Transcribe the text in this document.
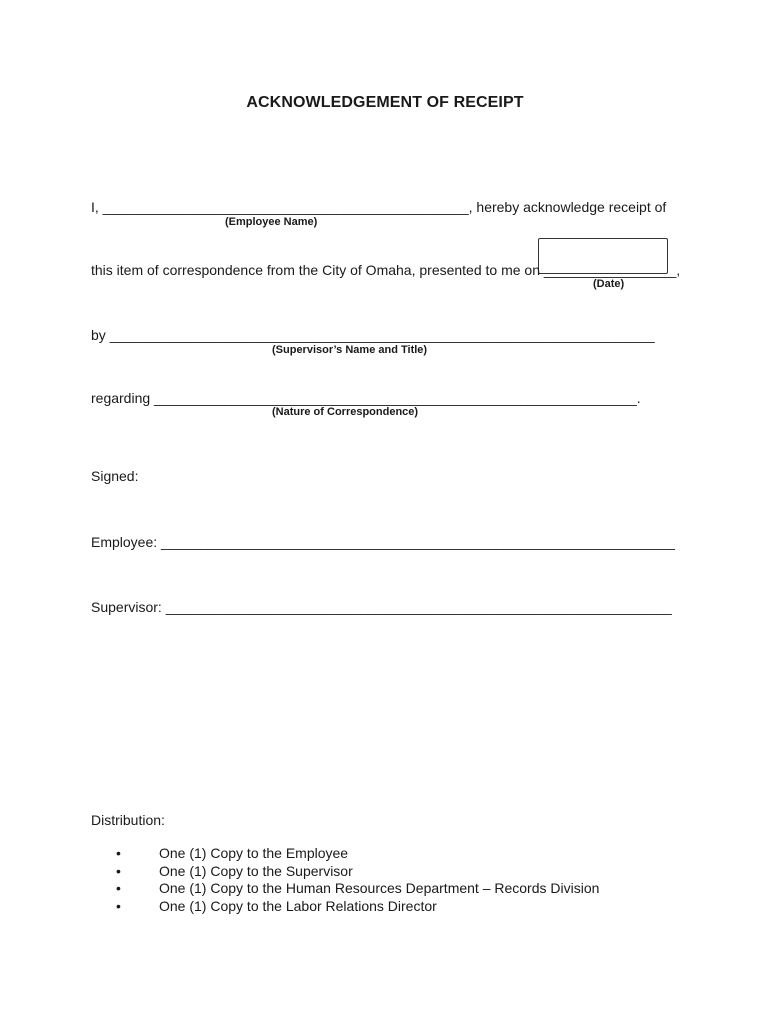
ACKNOWLEDGEMENT OF RECEIPT
I, _______________________________________________, hereby acknowledge receipt of
(Employee Name)
this item of correspondence from the City of Omaha, presented to me on _________________,
(Date)
by ______________________________________________________________________
(Supervisor’s Name and Title)
regarding ______________________________________________________________.
(Nature of Correspondence)
Signed:
Employee: __________________________________________________________________
Supervisor: _________________________________________________________________
Distribution:
•	One (1) Copy to the Employee
•	One (1) Copy to the Supervisor
•	One (1) Copy to the Human Resources Department – Records Division
•	One (1) Copy to the Labor Relations Director
